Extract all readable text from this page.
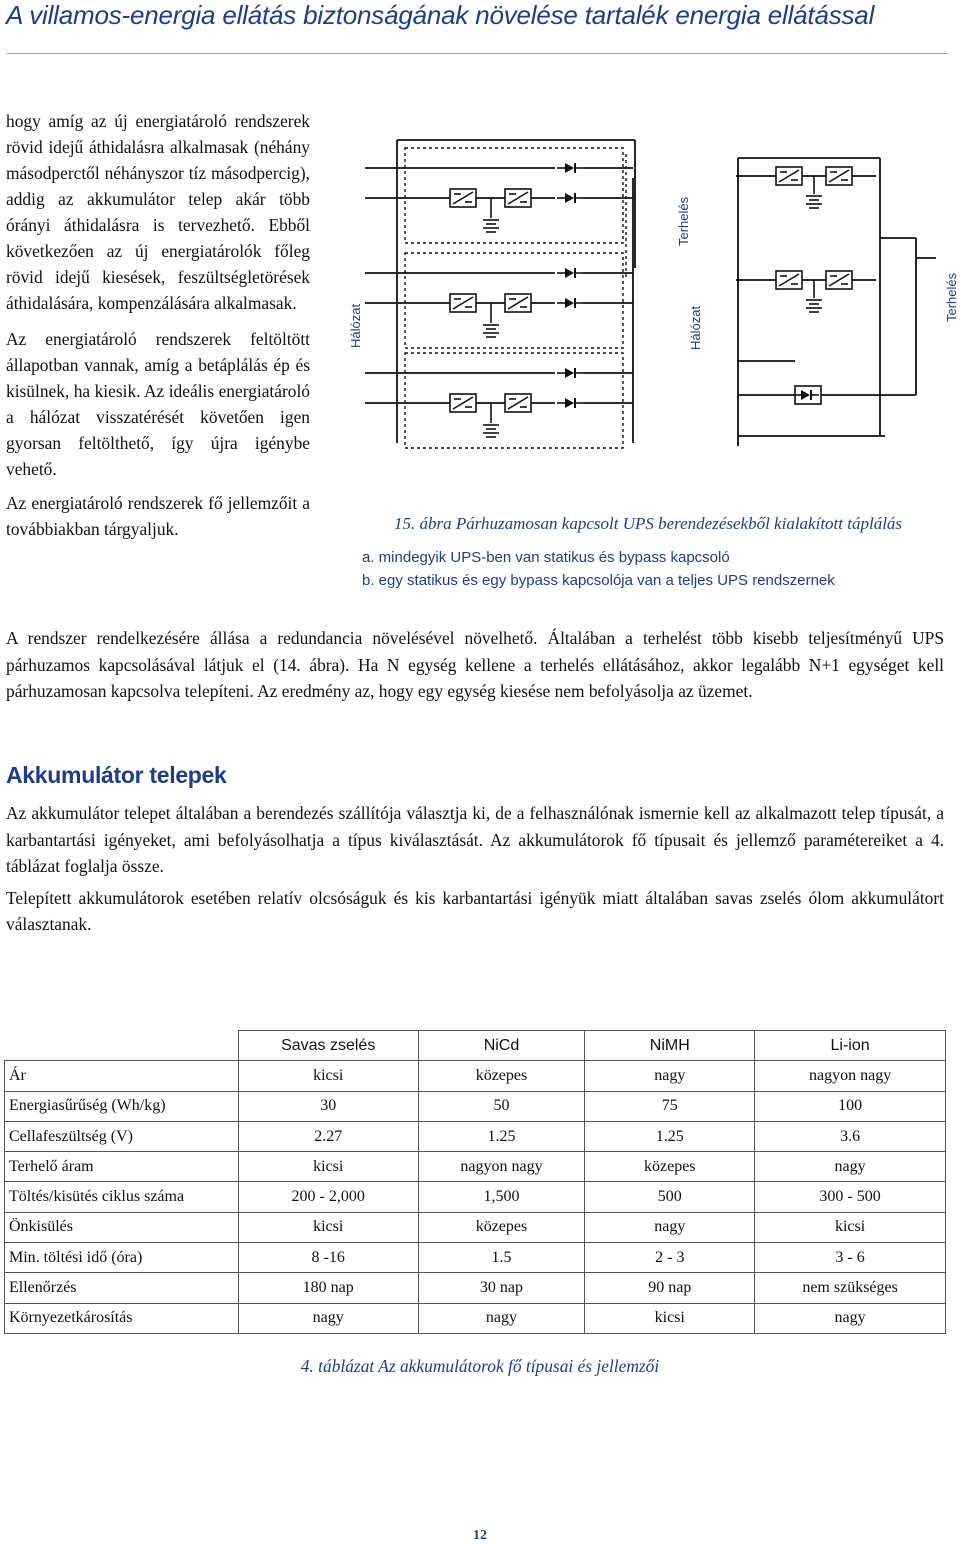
A villamos-energia ellátás biztonságának növelése tartalék energia ellátással

hogy amíg az új energiatároló rendszerek rövid idejű áthidalásra alkalmasak (néhány másodperctől néhányszor tíz másodpercig), addig az akkumulátor telep akár több órányi áthidalásra is tervezhető. Ebből következően az új energiatárolók főleg rövid idejű kiesések, feszültségletörések áthidalására, kompenzálására alkalmasak.

Az energiatároló rendszerek feltöltött állapotban vannak, amíg a betáplálás ép és kisülnek, ha kiesik. Az ideális energiatároló a hálózat visszatérését követően igen gyorsan feltölthető, így újra igénybe vehető.

Az energiatároló rendszerek fő jellemzőit a továbbiakban tárgyaljuk.

Hálózat
Terhelés
Hálózat
Terhelés
15. ábra Párhuzamosan kapcsolt UPS berendezésekből kialakított táplálás
a. mindegyik UPS-ben van statikus és bypass kapcsoló
b. egy statikus és egy bypass kapcsolója van a teljes UPS rendszernek
A rendszer rendelkezésére állása a redundancia növelésével növelhető. Általában a terhelést több kisebb teljesítményű UPS párhuzamos kapcsolásával látjuk el (14. ábra). Ha N egység kellene a terhelés ellátásához, akkor legalább N+1 egységet kell párhuzamosan kapcsolva telepíteni. Az eredmény az, hogy egy egység kiesése nem befolyásolja az üzemet.
Akkumulátor telepek

Az akkumulátor telepet általában a berendezés szállítója választja ki, de a felhasználónak ismernie kell az alkalmazott telep típusát, a karbantartási igényeket, ami befolyásolhatja a típus kiválasztását. Az akkumulátorok fő típusait és jellemző paramétereiket a 4. táblázat foglalja össze.

Telepített akkumulátorok esetében relatív olcsóságuk és kis karbantartási igényük miatt általában savas zselés ólom akkumulátort választanak.

	Savas zselés	NiCd	NiMH	Li-ion
Ár	kicsi	közepes	nagy	nagyon nagy
Energiasűrűség (Wh/kg)	30	50	75	100
Cellafeszültség (V)	2.27	1.25	1.25	3.6
Terhelő áram	kicsi	nagyon nagy	közepes	nagy
Töltés/kisütés ciklus száma	200 - 2,000	1,500	500	300 - 500
Önkisülés	kicsi	közepes	nagy	kicsi
Min. töltési idő (óra)	8 -16	1.5	2 - 3	3 - 6
Ellenőrzés	180 nap	30 nap	90 nap	nem szükséges
Környezetkárosítás	nagy	nagy	kicsi	nagy
4. táblázat Az akkumulátorok fő típusai és jellemzői
12
